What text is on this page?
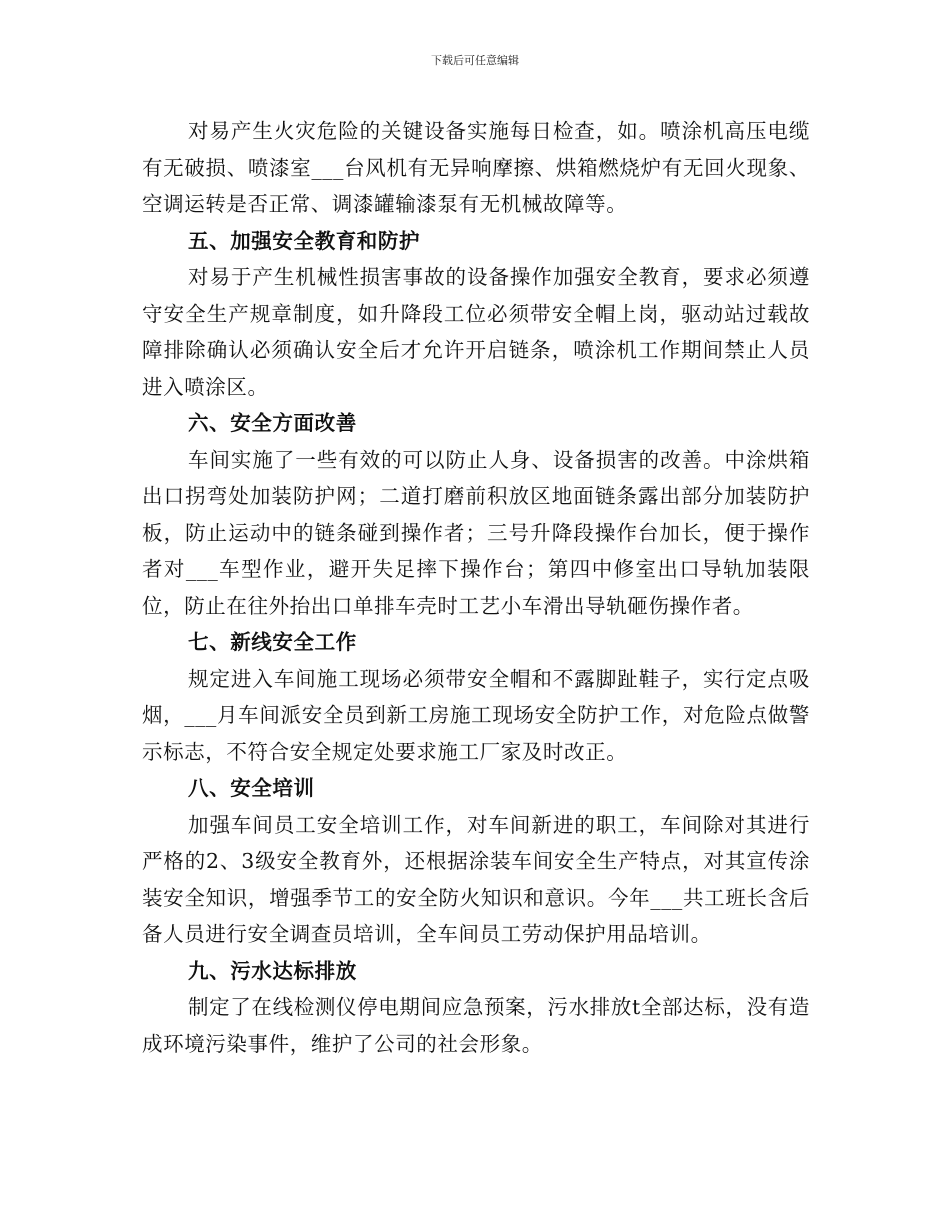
下载后可任意编辑

对易产生火灾危险的关键设备实施每日检查，如。喷涂机高压电缆有无破损、喷漆室___台风机有无异响摩擦、烘箱燃烧炉有无回火现象、空调运转是否正常、调漆罐输漆泵有无机械故障等。

五、加强安全教育和防护

对易于产生机械性损害事故的设备操作加强安全教育，要求必须遵守安全生产规章制度，如升降段工位必须带安全帽上岗，驱动站过载故障排除确认必须确认安全后才允许开启链条，喷涂机工作期间禁止人员进入喷涂区。

六、安全方面改善

车间实施了一些有效的可以防止人身、设备损害的改善。中涂烘箱出口拐弯处加装防护网；二道打磨前积放区地面链条露出部分加装防护板，防止运动中的链条碰到操作者；三号升降段操作台加长，便于操作者对___车型作业，避开失足摔下操作台；第四中修室出口导轨加装限位，防止在往外抬出口单排车壳时工艺小车滑出导轨砸伤操作者。

七、新线安全工作

规定进入车间施工现场必须带安全帽和不露脚趾鞋子，实行定点吸烟，___月车间派安全员到新工房施工现场安全防护工作，对危险点做警示标志，不符合安全规定处要求施工厂家及时改正。

八、安全培训

加强车间员工安全培训工作，对车间新进的职工，车间除对其进行严格的2、3级安全教育外，还根据涂装车间安全生产特点，对其宣传涂装安全知识，增强季节工的安全防火知识和意识。今年___共工班长含后备人员进行安全调查员培训，全车间员工劳动保护用品培训。

九、污水达标排放

制定了在线检测仪停电期间应急预案，污水排放t全部达标，没有造成环境污染事件，维护了公司的社会形象。
